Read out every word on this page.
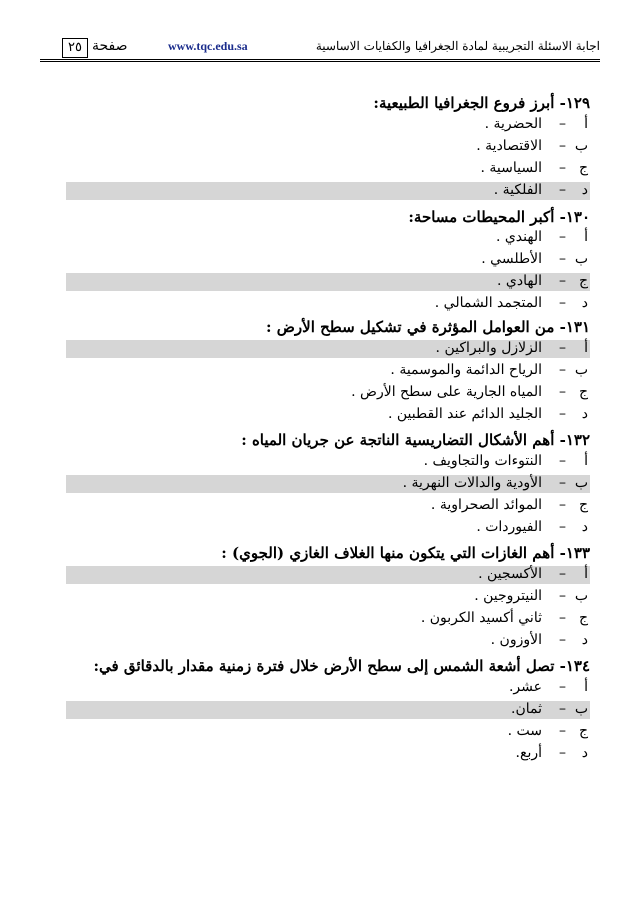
٢٥ صفحة	www.tqc.edu.sa	اجابة الاسئلة التجريبية لمادة الجغرافيا والكفايات الاساسية
١٢٩- أبرز فروع الجغرافيا الطبيعية:
أ
–
الحضرية .
ب
–
الاقتصادية .
ج
–
السياسية .
د
–
الفلكية .
١٣٠- أكبر المحيطات مساحة:
أ
–
الهندي .
ب
–
الأطلسي .
ج
–
الهادي .
د
–
المتجمد الشمالي .
١٣١- من العوامل المؤثرة في تشكيل سطح الأرض :
أ
–
الزلازل والبراكين .
ب
–
الرياح الدائمة والموسمية .
ج
–
المياه الجارية على سطح الأرض .
د
–
الجليد الدائم عند القطبين .
١٣٢- أهم الأشكال التضاريسية الناتجة عن جريان المياه :
أ
–
النتوءات والتجاويف .
ب
–
الأودية والدالات النهرية .
ج
–
الموائد الصحراوية .
د
–
الفيوردات .
١٣٣- أهم الغازات التي يتكون منها الغلاف الغازي (الجوي) :
أ
–
الأكسجين .
ب
–
النيتروجين .
ج
–
ثاني أكسيد الكربون .
د
–
الأوزون .
١٣٤- تصل أشعة الشمس إلى سطح الأرض خلال فترة زمنية مقدار بالدقائق في:
أ
–
عشر.
ب
–
ثمان.
ج
–
ست .
د
–
أربع.
